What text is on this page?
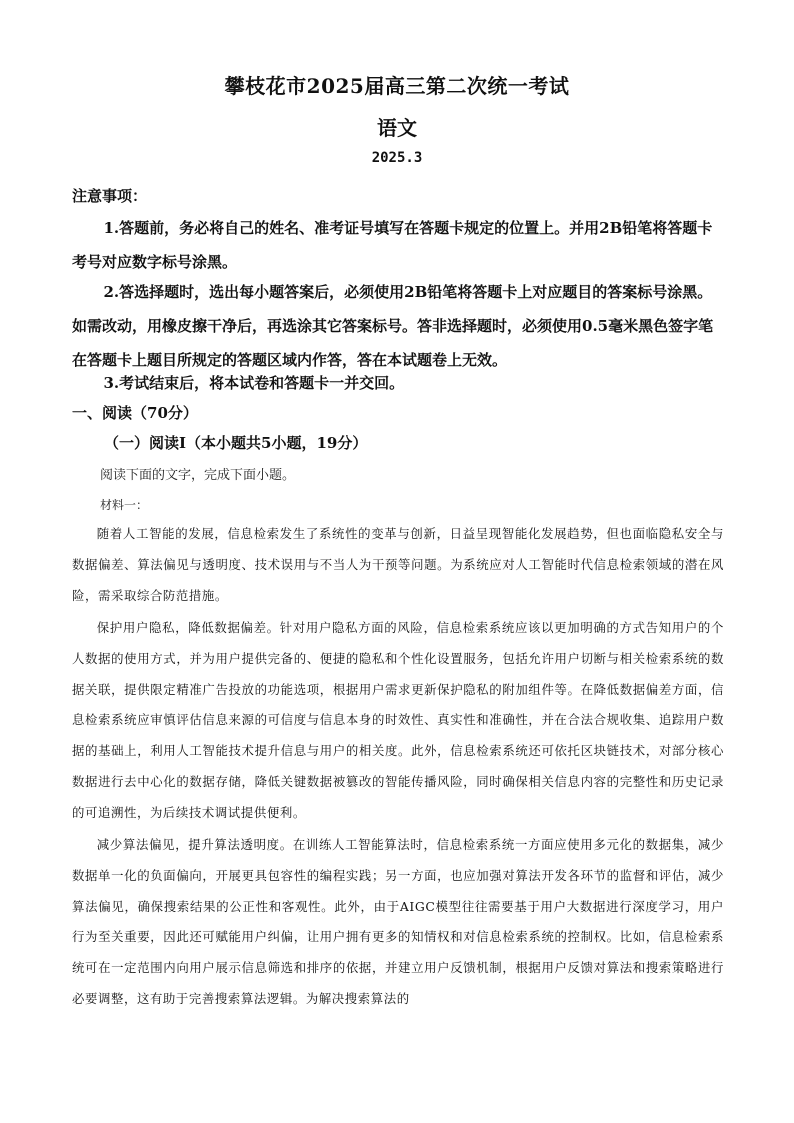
攀枝花市2025届高三第二次统一考试
语文
2025.3
注意事项：
1.答题前，务必将自己的姓名、准考证号填写在答题卡规定的位置上。并用2B铅笔将答题卡考号对应数字标号涂黑。
2.答选择题时，选出每小题答案后，必须使用2B铅笔将答题卡上对应题目的答案标号涂黑。如需改动，用橡皮擦干净后，再选涂其它答案标号。答非选择题时，必须使用0.5毫米黑色签字笔在答题卡上题目所规定的答题区域内作答，答在本试题卷上无效。
3.考试结束后，将本试卷和答题卡一并交回。
一、阅读（70分）
（一）阅读Ⅰ（本小题共5小题，19分）
阅读下面的文字，完成下面小题。
材料一：
随着人工智能的发展，信息检索发生了系统性的变革与创新，日益呈现智能化发展趋势，但也面临隐私安全与数据偏差、算法偏见与透明度、技术误用与不当人为干预等问题。为系统应对人工智能时代信息检索领域的潜在风险，需采取综合防范措施。
保护用户隐私，降低数据偏差。针对用户隐私方面的风险，信息检索系统应该以更加明确的方式告知用户的个人数据的使用方式，并为用户提供完备的、便捷的隐私和个性化设置服务，包括允许用户切断与相关检索系统的数据关联，提供限定精准广告投放的功能选项，根据用户需求更新保护隐私的附加组件等。在降低数据偏差方面，信息检索系统应审慎评估信息来源的可信度与信息本身的时效性、真实性和准确性，并在合法合规收集、追踪用户数据的基础上，利用人工智能技术提升信息与用户的相关度。此外，信息检索系统还可依托区块链技术，对部分核心数据进行去中心化的数据存储，降低关键数据被篡改的智能传播风险，同时确保相关信息内容的完整性和历史记录的可追溯性，为后续技术调试提供便利。
减少算法偏见，提升算法透明度。在训练人工智能算法时，信息检索系统一方面应使用多元化的数据集，减少数据单一化的负面偏向，开展更具包容性的编程实践；另一方面，也应加强对算法开发各环节的监督和评估，减少算法偏见，确保搜索结果的公正性和客观性。此外，由于AIGC模型往往需要基于用户大数据进行深度学习，用户行为至关重要，因此还可赋能用户纠偏，让用户拥有更多的知情权和对信息检索系统的控制权。比如，信息检索系统可在一定范围内向用户展示信息筛选和排序的依据，并建立用户反馈机制，根据用户反馈对算法和搜索策略进行必要调整，这有助于完善搜索算法逻辑。为解决搜索算法的
